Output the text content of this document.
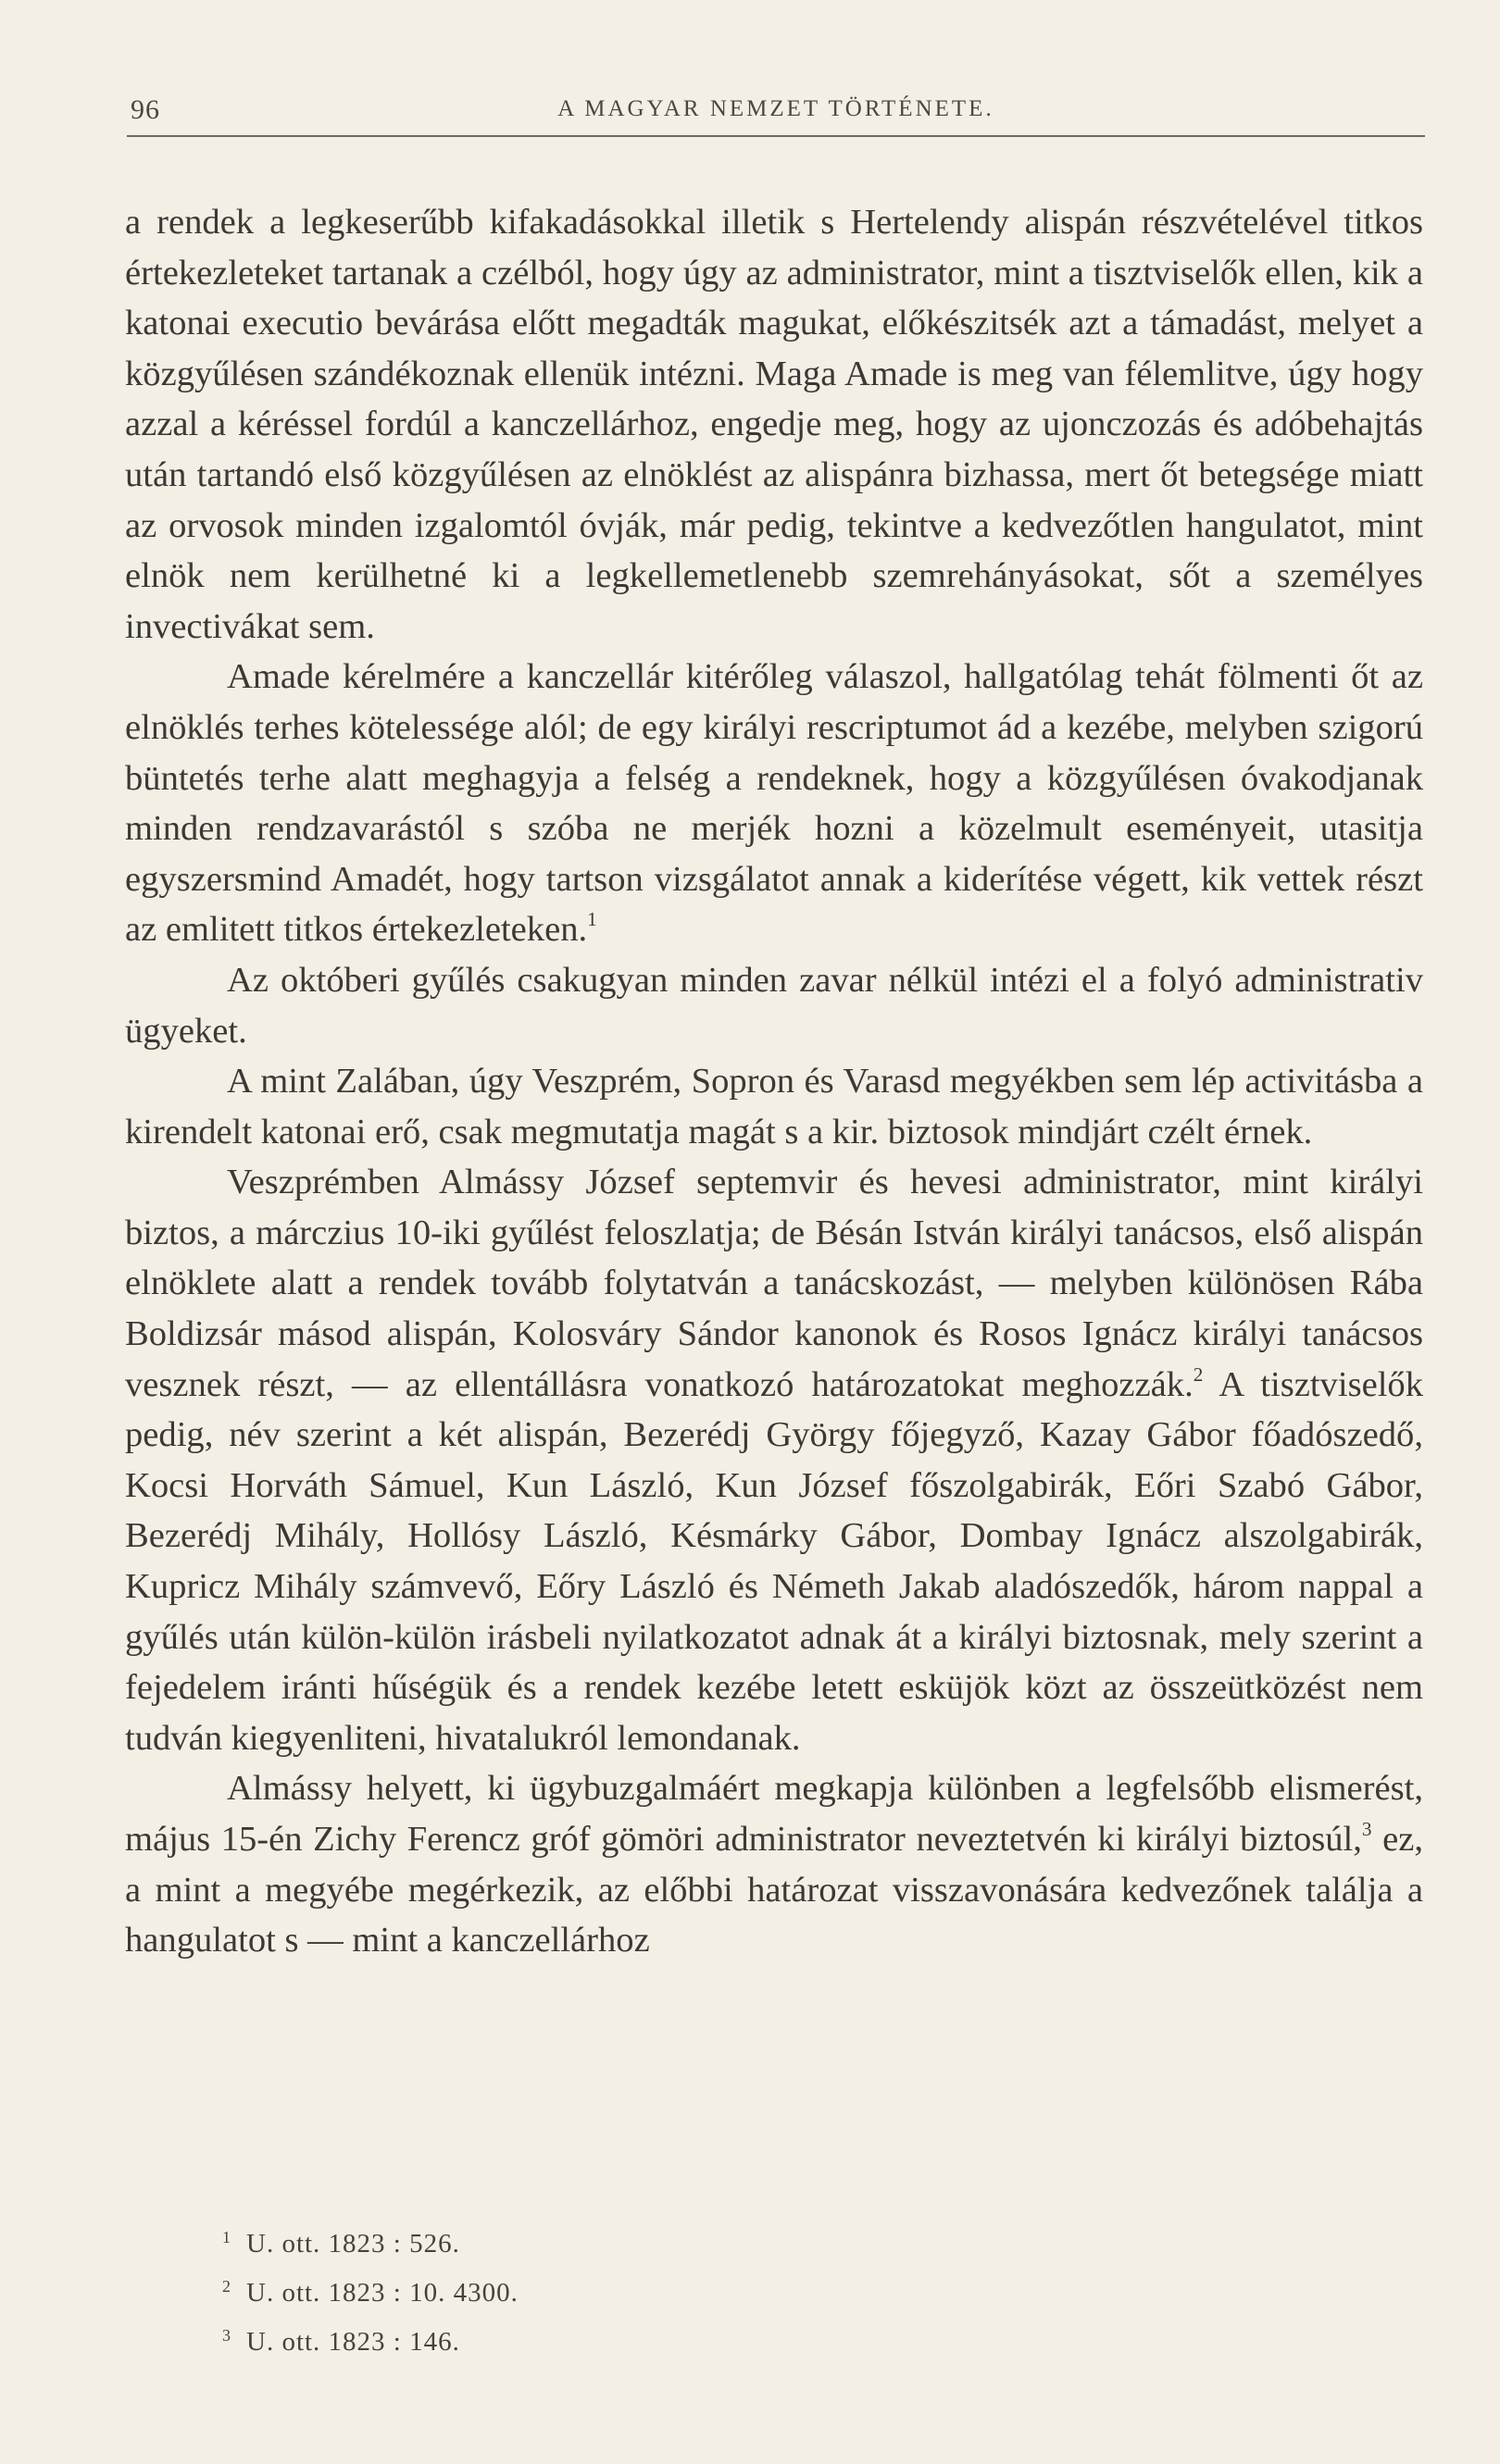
96	A MAGYAR NEMZET TÖRTÉNETE.

a rendek a legkeserűbb kifakadásokkal illetik s Hertelendy alispán részvételével titkos értekezleteket tartanak a czélból, hogy úgy az administrator, mint a tisztviselők ellen, kik a katonai executio bevárása előtt megadták magukat, előkészitsék azt a támadást, melyet a közgyűlésen szándékoznak ellenük intézni. Maga Amade is meg van félemlitve, úgy hogy azzal a kéréssel fordúl a kanczellárhoz, engedje meg, hogy az ujonczozás és adóbehajtás után tartandó első közgyűlésen az elnöklést az alispánra bizhassa, mert őt betegsége miatt az orvosok minden izgalomtól óvják, már pedig, tekintve a kedvezőtlen hangulatot, mint elnök nem kerülhetné ki a legkellemetlenebb szemrehányásokat, sőt a személyes invectivákat sem.

Amade kérelmére a kanczellár kitérőleg válaszol, hallgatólag tehát fölmenti őt az elnöklés terhes kötelessége alól; de egy királyi rescriptumot ád a kezébe, melyben szigorú büntetés terhe alatt meghagyja a felség a rendeknek, hogy a közgyűlésen óvakodjanak minden rendzavarástól s szóba ne merjék hozni a közelmult eseményeit, utasitja egyszersmind Amadét, hogy tartson vizsgálatot annak a kiderítése végett, kik vettek részt az emlitett titkos értekezleteken.$^1$

Az októberi gyűlés csakugyan minden zavar nélkül intézi el a folyó administrativ ügyeket.

A mint Zalában, úgy Veszprém, Sopron és Varasd megyékben sem lép activitásba a kirendelt katonai erő, csak megmutatja magát s a kir. biztosok mindjárt czélt érnek.

Veszprémben Almássy József septemvir és hevesi administrator, mint királyi biztos, a márczius 10-iki gyűlést feloszlatja; de Bésán István királyi tanácsos, első alispán elnöklete alatt a rendek tovább folytatván a tanácskozást, — melyben különösen Rába Boldizsár másod alispán, Kolosváry Sándor kanonok és Rosos Ignácz királyi tanácsos vesznek részt, — az ellentállásra vonatkozó határozatokat meghozzák.$^2$ A tisztviselők pedig, név szerint a két alispán, Bezerédj György főjegyző, Kazay Gábor főadószedő, Kocsi Horváth Sámuel, Kun László, Kun József főszolgabirák, Eőri Szabó Gábor, Bezerédj Mihály, Hollósy László, Késmárky Gábor, Dombay Ignácz alszolgabirák, Kupricz Mihály számvevő, Eőry László és Németh Jakab aladószedők, három nappal a gyűlés után külön-külön irásbeli nyilatkozatot adnak át a királyi biztosnak, mely szerint a fejedelem iránti hűségük és a rendek kezébe letett esküjök közt az összeütközést nem tudván kiegyenliteni, hivatalukról lemondanak.

Almássy helyett, ki ügybuzgalmáért megkapja különben a legfelsőbb elismerést, május 15-én Zichy Ferencz gróf gömöri administrator neveztetvén ki királyi biztosúl,$^3$ ez, a mint a megyébe megérkezik, az előbbi határozat visszavonására kedvezőnek találja a hangulatot s — mint a kanczellárhoz

1 U. ott. 1823 : 526.
2 U. ott. 1823 : 10. 4300.
3 U. ott. 1823 : 146.
